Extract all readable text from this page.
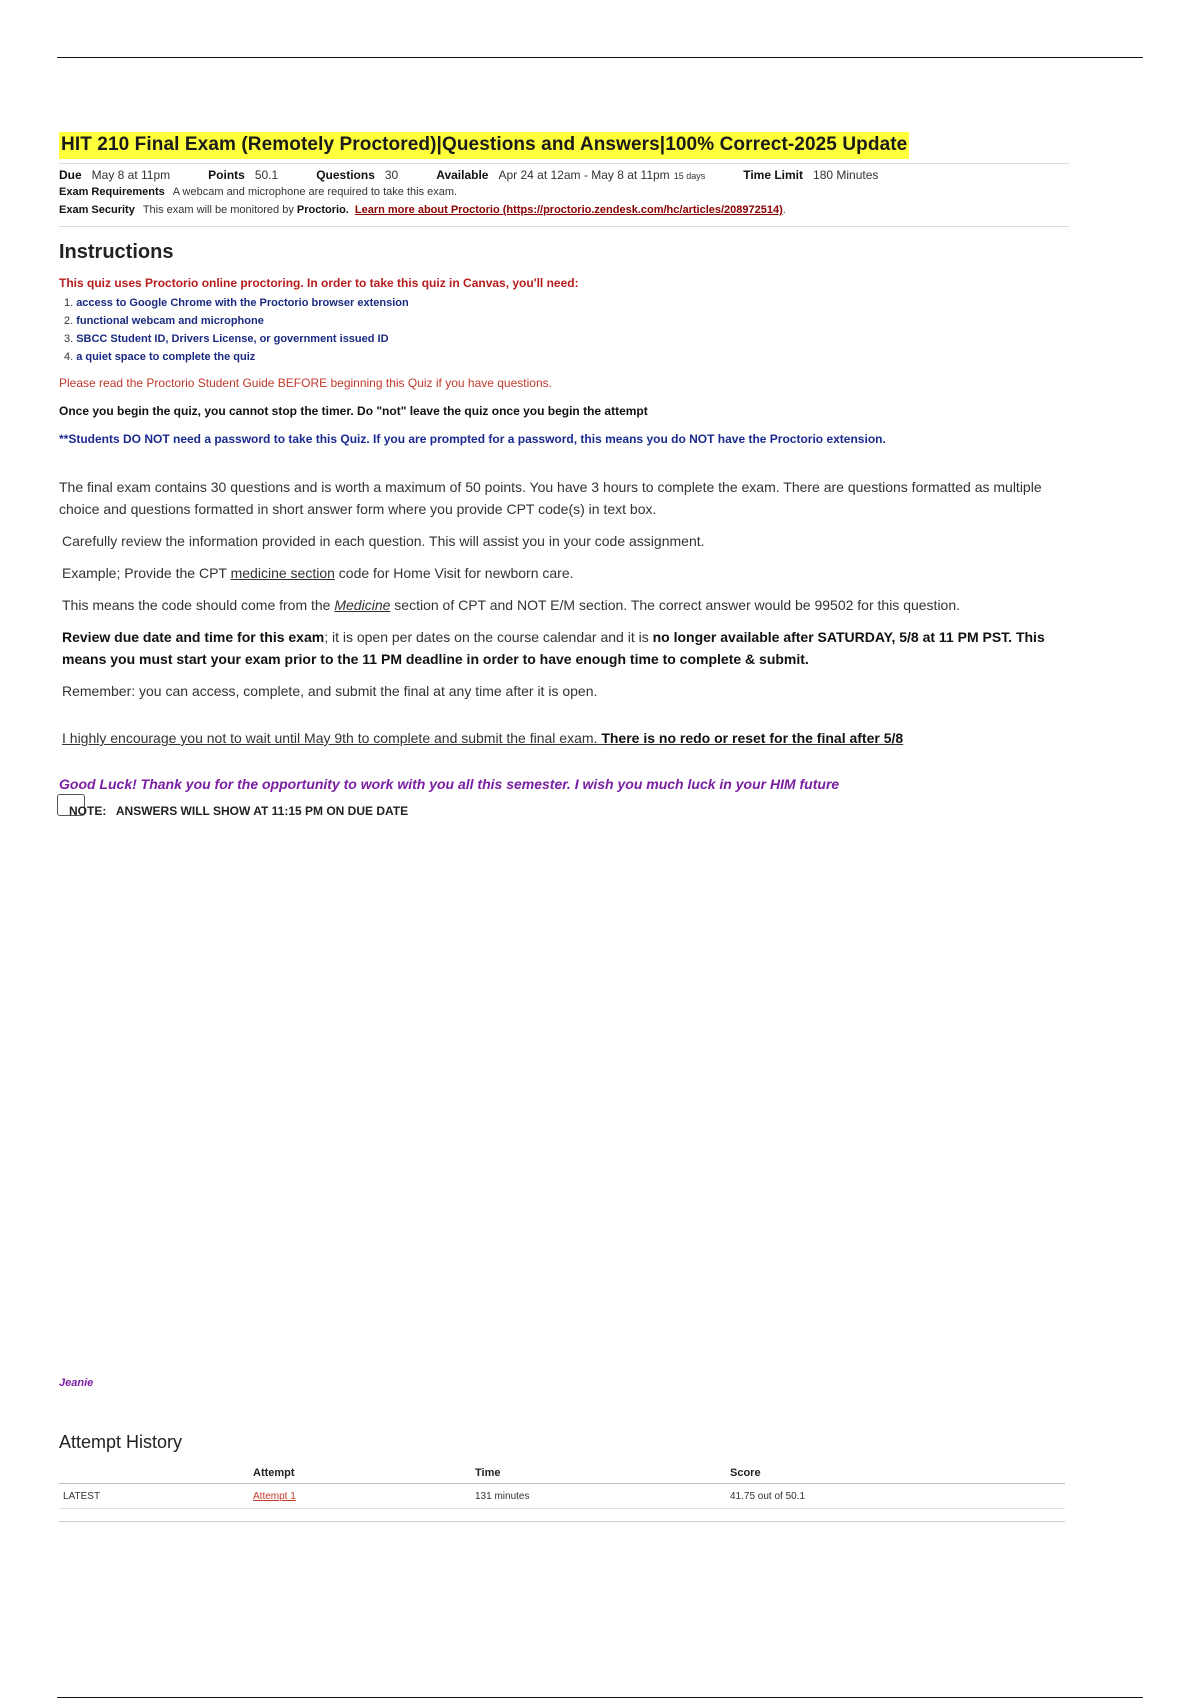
HIT 210 Final Exam (Remotely Proctored)|Questions and Answers|100% Correct-2025 Update
Due May 8 at 11pm	Points 50.1	Questions 30	Available Apr 24 at 12am - May 8 at 11pm 15 days	Time Limit 180 Minutes
Exam Requirements A webcam and microphone are required to take this exam.
Exam Security This exam will be monitored by
Proctorio. Learn more about Proctorio (https://proctorio.zendesk.com/hc/articles/208972514) .
Instructions
This quiz uses Proctorio online proctoring. In order to take this quiz in Canvas, you'll need:
1. access to Google Chrome with the Proctorio browser extension
2. functional webcam and microphone
3. SBCC Student ID, Drivers License, or government issued ID
4. a quiet space to complete the quiz
Please read the Proctorio Student Guide BEFORE beginning this Quiz if you have questions.
Once you begin the quiz, you cannot stop the timer. Do "not" leave the quiz once you begin the attempt
**Students DO NOT need a password to take this Quiz. If you are prompted for a password, this means you do NOT have the Proctorio extension.

The final exam contains 30 questions and is worth a maximum of 50 points. You have 3 hours to complete the exam. There are questions formatted as multiple choice and questions formatted in short answer form where you provide CPT code(s) in text box.

Carefully review the information provided in each question. This will assist you in your code assignment.

Example; Provide the CPT medicine section code for Home Visit for newborn care.

This means the code should come from the Medicine section of CPT and NOT E/M section. The correct answer would be 99502 for this question.

Review due date and time for this exam; it is open per dates on the course calendar and it is no longer available after SATURDAY, 5/8 at 11 PM PST. This means you must start your exam prior to the 11 PM deadline in order to have enough time to complete & submit.

Remember: you can access, complete, and submit the final at any time after it is open.

I highly encourage you not to wait until May 9th to complete and submit the final exam. There is no redo or reset for the final after 5/8
Good Luck! Thank you for the opportunity to work with you all this semester. I wish you much luck in your HIM future
NOTE:   ANSWERS WILL SHOW AT 11:15 PM ON DUE DATE
Jeanie
Attempt History
	Attempt	Time	Score
LATEST	Attempt 1	131 minutes	41.75 out of 50.1
